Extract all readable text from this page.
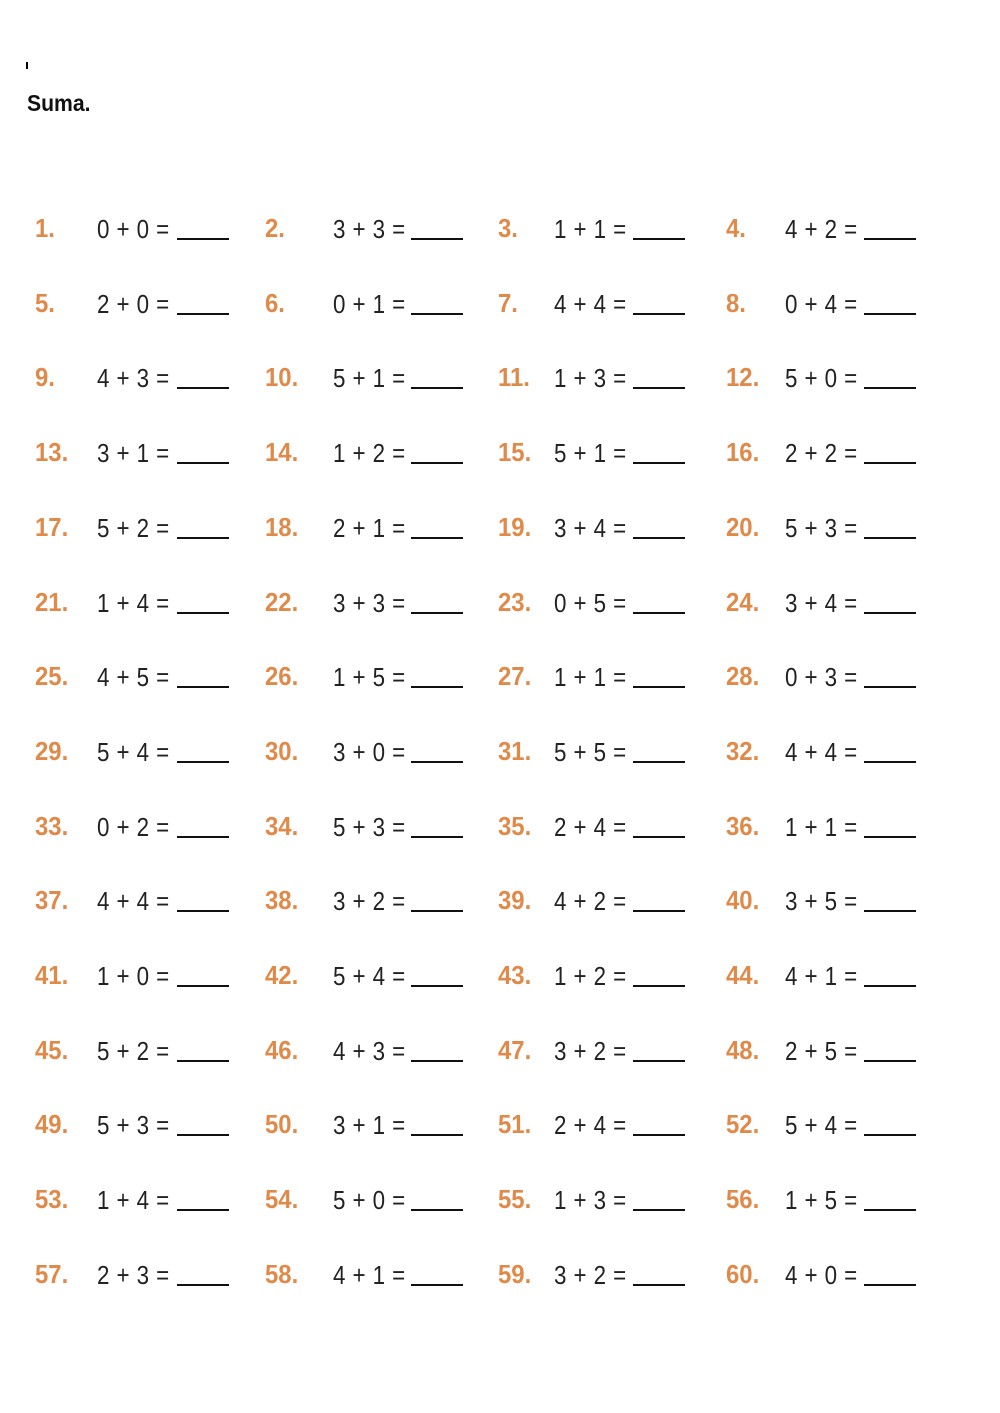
Suma.
1. 0 + 0 =	2. 3 + 3 =	3. 1 + 1 =	4. 4 + 2 =
5. 2 + 0 =	6. 0 + 1 =	7. 4 + 4 =	8. 0 + 4 =
9. 4 + 3 =	10. 5 + 1 =	11. 1 + 3 =	12. 5 + 0 =
13. 3 + 1 =	14. 1 + 2 =	15. 5 + 1 =	16. 2 + 2 =
17. 5 + 2 =	18. 2 + 1 =	19. 3 + 4 =	20. 5 + 3 =
21. 1 + 4 =	22. 3 + 3 =	23. 0 + 5 =	24. 3 + 4 =
25. 4 + 5 =	26. 1 + 5 =	27. 1 + 1 =	28. 0 + 3 =
29. 5 + 4 =	30. 3 + 0 =	31. 5 + 5 =	32. 4 + 4 =
33. 0 + 2 =	34. 5 + 3 =	35. 2 + 4 =	36. 1 + 1 =
37. 4 + 4 =	38. 3 + 2 =	39. 4 + 2 =	40. 3 + 5 =
41. 1 + 0 =	42. 5 + 4 =	43. 1 + 2 =	44. 4 + 1 =
45. 5 + 2 =	46. 4 + 3 =	47. 3 + 2 =	48. 2 + 5 =
49. 5 + 3 =	50. 3 + 1 =	51. 2 + 4 =	52. 5 + 4 =
53. 1 + 4 =	54. 5 + 0 =	55. 1 + 3 =	56. 1 + 5 =
57. 2 + 3 =	58. 4 + 1 =	59. 3 + 2 =	60. 4 + 0 =
